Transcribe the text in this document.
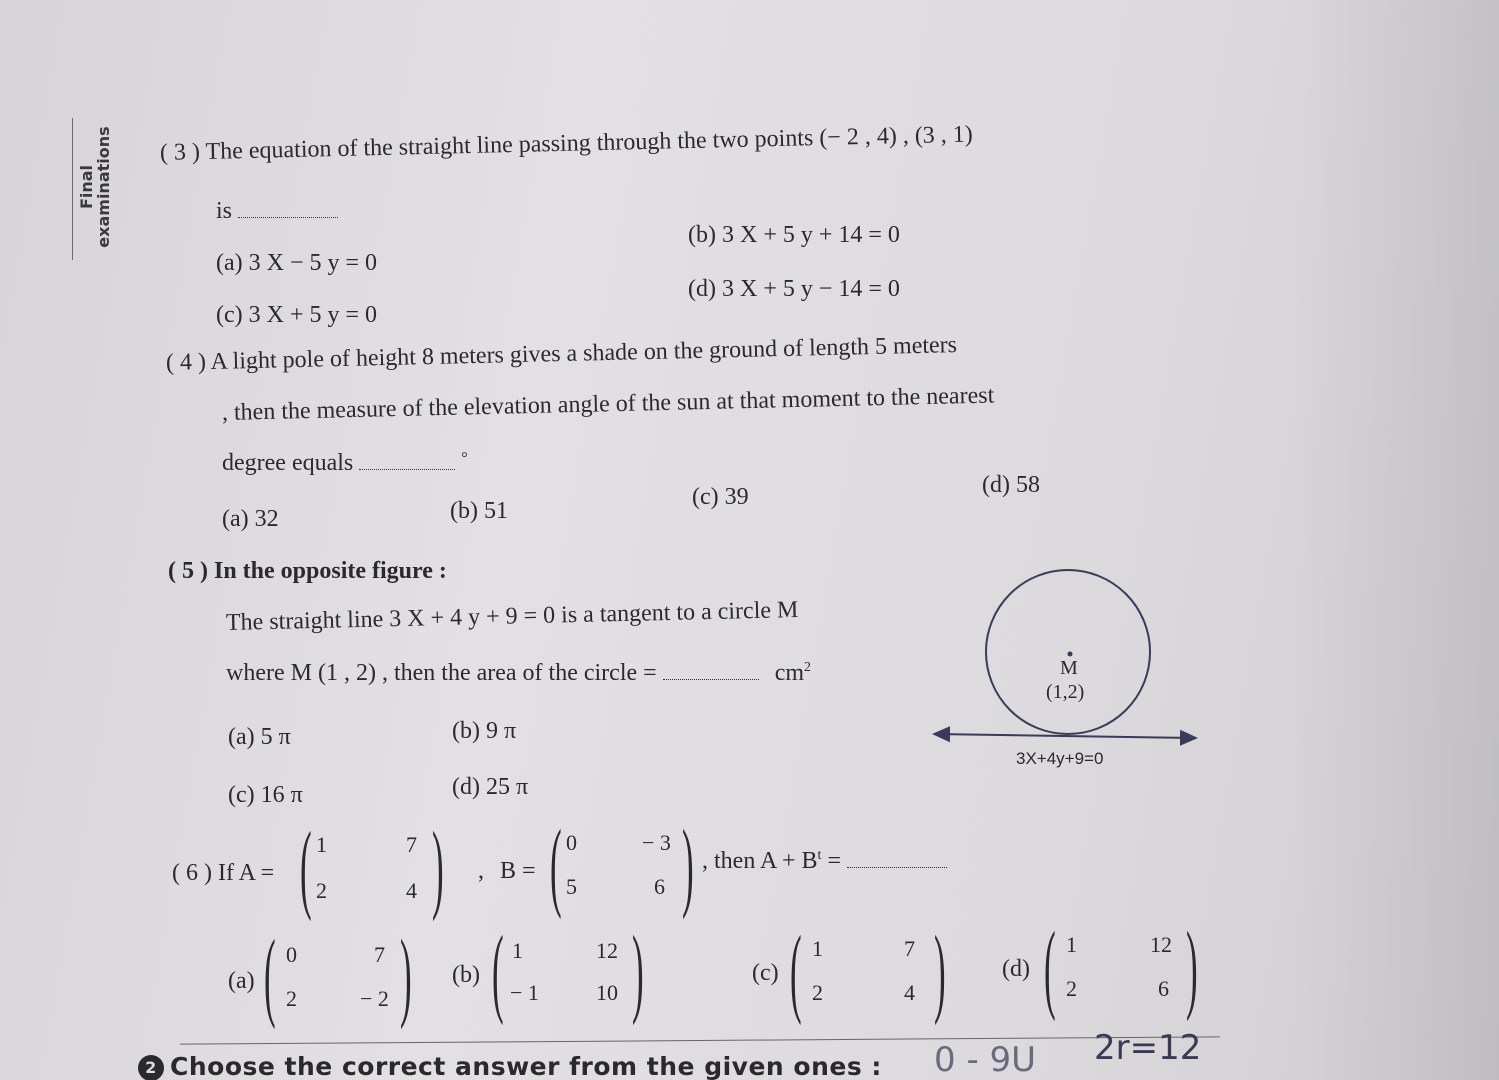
Final examinations ( 3 ) The equation of the straight line passing through the two points (− 2 , 4) , (3 , 1)
is
(a) 3 X − 5 y = 0
(b) 3 X + 5 y + 14 = 0
(c) 3 X + 5 y = 0
(d) 3 X + 5 y − 14 = 0
( 4 ) A light pole of height 8 meters gives a shade on the ground of length 5 meters
, then the measure of the elevation angle of the sun at that moment to the nearest
degree equals	°
(a) 32	(b) 51
(c) 39	(d) 58
( 5 ) In the opposite figure :
The straight line 3 X + 4 y + 9 = 0 is a tangent to a circle M
where M (1 , 2) , then the area of the circle =	$cm^2$
(a) 5 π	(b) 9 π
(c) 16 π	(d) 25 π
M
(1,2)
3X+4y+9=0
( 6 ) If A = ( )
1	7
2	4
, B = ( )
0	− 3
5	6
, then $A + B^t$ =
(a) ( )
0	7
2	− 2
(b) ( )
1	12
− 1	10
(c) ( )
1	7
2	4
(d) ( )
1	12
2	6
2 Choose the correct answer from the given ones : 0 - 9U 2r=12
